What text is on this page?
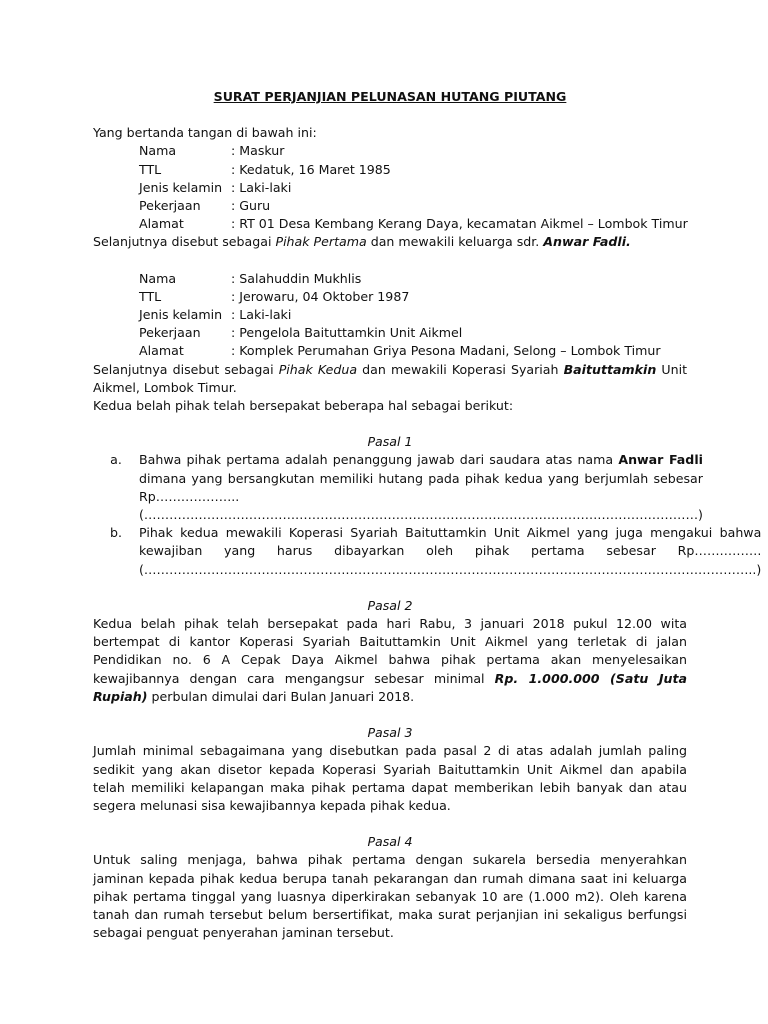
SURAT PERJANJIAN PELUNASAN HUTANG PIUTANG
Yang bertanda tangan di bawah ini:
Nama	: Maskur
TTL	: Kedatuk, 16 Maret 1985
Jenis kelamin : Laki-laki
Pekerjaan	: Guru
Alamat	: RT 01 Desa Kembang Kerang Daya, kecamatan Aikmel – Lombok Timur
Selanjutnya disebut sebagai Pihak Pertama dan mewakili keluarga sdr. Anwar Fadli.
Nama	: Salahuddin Mukhlis
TTL	: Jerowaru, 04 Oktober 1987
Jenis kelamin : Laki-laki
Pekerjaan	: Pengelola Baituttamkin Unit Aikmel
Alamat	: Komplek Perumahan Griya Pesona Madani, Selong – Lombok Timur
Selanjutnya disebut sebagai Pihak Kedua dan mewakili Koperasi Syariah Baituttamkin Unit Aikmel, Lombok Timur.
Kedua belah pihak telah bersepakat beberapa hal sebagai berikut:
Pasal 1
a.	Bahwa pihak pertama adalah penanggung jawab dari saudara atas nama Anwar Fadli dimana yang bersangkutan memiliki hutang pada pihak kedua yang berjumlah sebesar Rp……………….. (……………………………………………………………………………………………………………………)
b.	Pihak kedua mewakili Koperasi Syariah Baituttamkin Unit Aikmel yang juga mengakui bahwa kewajiban yang harus dibayarkan oleh pihak pertama sebesar Rp……………. (………………………………………………………………………………………………………………………………..)
Pasal 2
Kedua belah pihak telah bersepakat pada hari Rabu, 3 januari 2018 pukul 12.00 wita bertempat di kantor Koperasi Syariah Baituttamkin Unit Aikmel yang terletak di jalan Pendidikan no. 6 A Cepak Daya Aikmel bahwa pihak pertama akan menyelesaikan kewajibannya dengan cara mengangsur sebesar minimal Rp. 1.000.000 (Satu Juta Rupiah) perbulan dimulai dari Bulan Januari 2018.
Pasal 3
Jumlah minimal sebagaimana yang disebutkan pada pasal 2 di atas adalah jumlah paling sedikit yang akan disetor kepada Koperasi Syariah Baituttamkin Unit Aikmel dan apabila telah memiliki kelapangan maka pihak pertama dapat memberikan lebih banyak dan atau segera melunasi sisa kewajibannya kepada pihak kedua.
Pasal 4
Untuk saling menjaga, bahwa pihak pertama dengan sukarela bersedia menyerahkan jaminan kepada pihak kedua berupa tanah pekarangan dan rumah dimana saat ini keluarga pihak pertama tinggal yang luasnya diperkirakan sebanyak 10 are (1.000 m2). Oleh karena tanah dan rumah tersebut belum bersertifikat, maka surat perjanjian ini sekaligus berfungsi sebagai penguat penyerahan jaminan tersebut.
